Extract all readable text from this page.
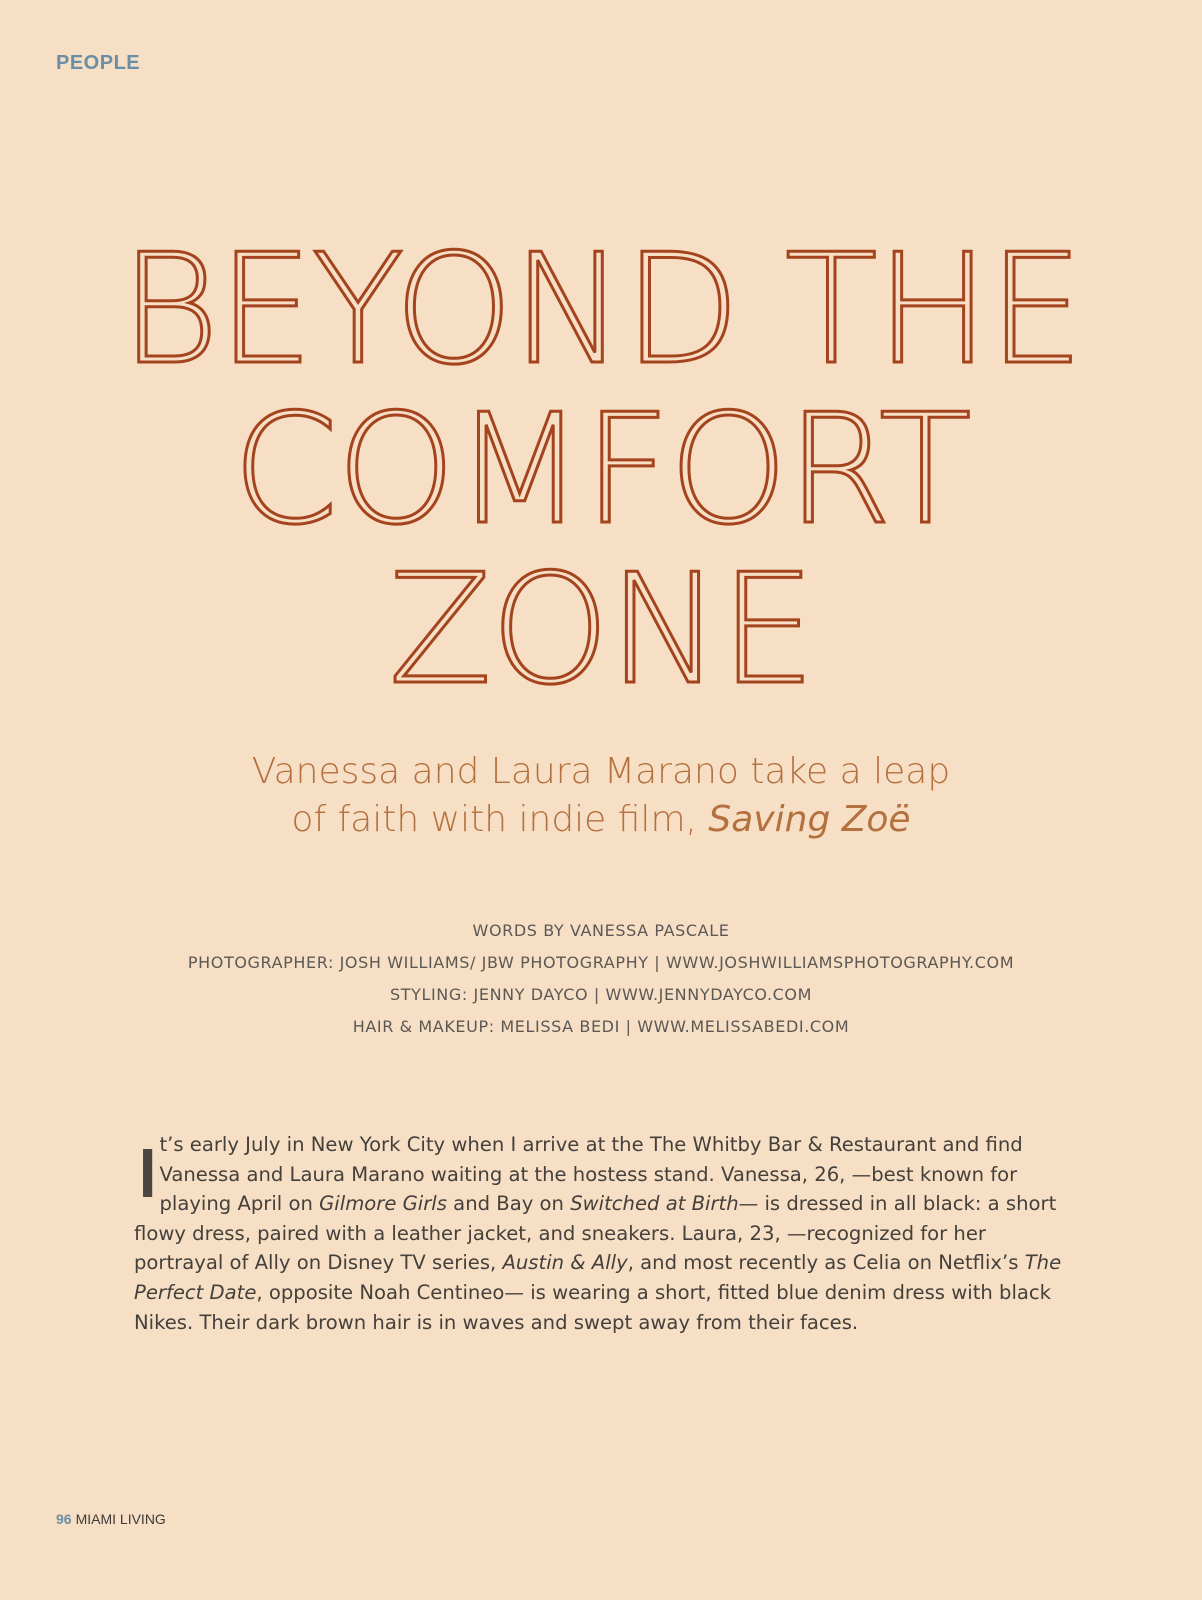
PEOPLE
BEYOND THE
COMFORT
ZONE
Vanessa and Laura Marano take a leap
of faith with indie film, Saving Zoë
WORDS BY VANESSA PASCALE
PHOTOGRAPHER: JOSH WILLIAMS/ JBW PHOTOGRAPHY | WWW.JOSHWILLIAMSPHOTOGRAPHY.COM
STYLING: JENNY DAYCO | WWW.JENNYDAYCO.COM
HAIR & MAKEUP: MELISSA BEDI | WWW.MELISSABEDI.COM
I
t’s early July in New York City when I arrive at the The Whitby Bar & Restaurant and find Vanessa and Laura Marano waiting at the hostess stand. Vanessa, 26, —best known for playing April on Gilmore Girls and Bay on Switched at Birth— is dressed in all black: a short flowy dress, paired with a leather jacket, and sneakers. Laura, 23, —recognized for her portrayal of Ally on Disney TV series, Austin & Ally, and most recently as Celia on Netflix’s The Perfect Date, opposite Noah Centineo— is wearing a short, fitted blue denim dress with black Nikes. Their dark brown hair is in waves and swept away from their faces.
96 MIAMI LIVING
